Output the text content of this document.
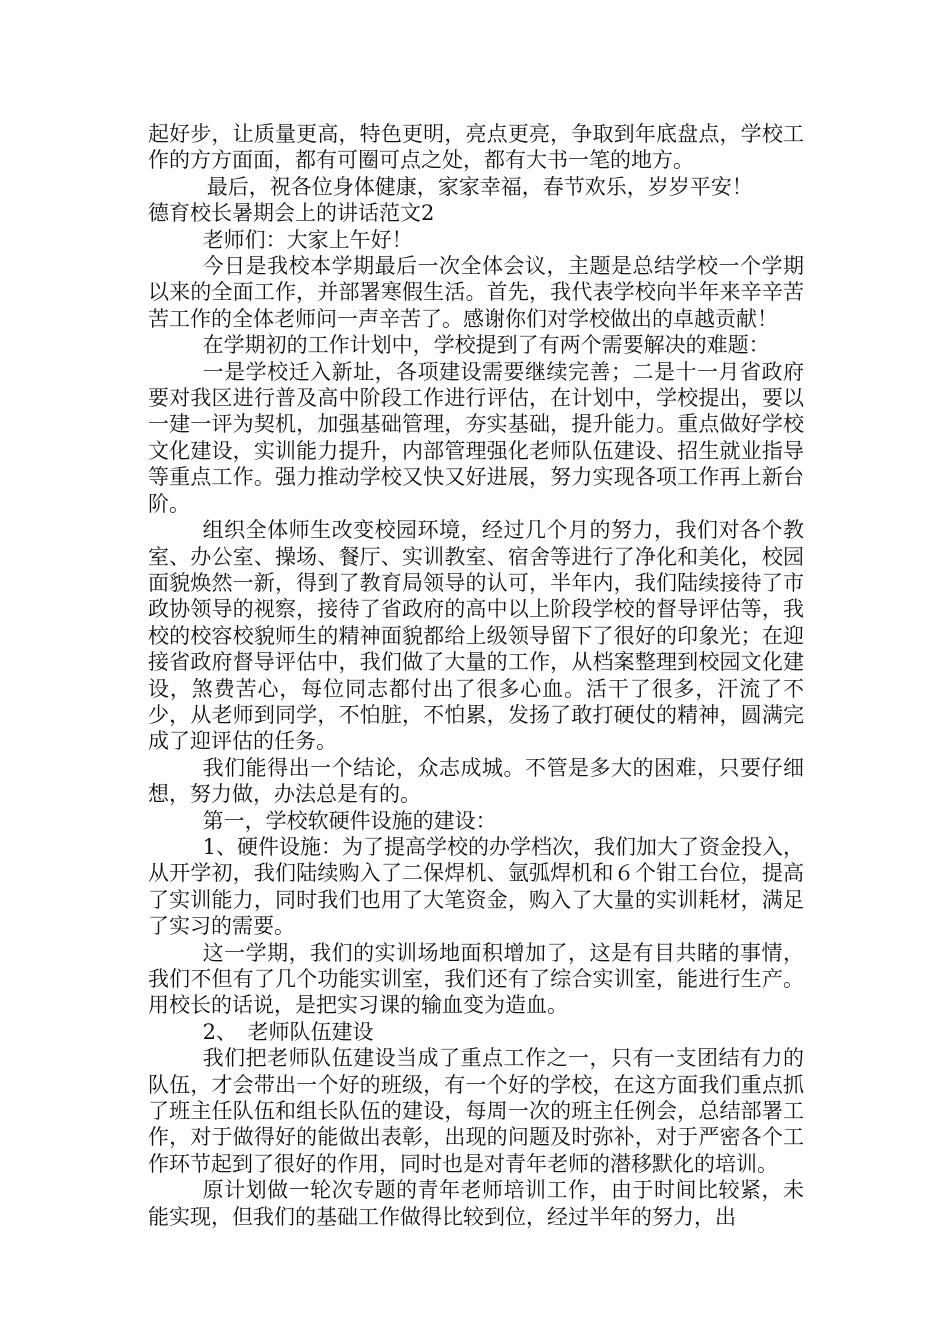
起好步，让质量更高，特色更明，亮点更亮，争取到年底盘点，学校工作的方方面面，都有可圈可点之处，都有大书一笔的地方。

最后，祝各位身体健康，家家幸福，春节欢乐，岁岁平安！

德育校长暑期会上的讲话范文2

老师们：大家上午好！

今日是我校本学期最后一次全体会议，主题是总结学校一个学期以来的全面工作，并部署寒假生活。首先，我代表学校向半年来辛辛苦苦工作的全体老师问一声辛苦了。感谢你们对学校做出的卓越贡献！

在学期初的工作计划中，学校提到了有两个需要解决的难题：

一是学校迁入新址，各项建设需要继续完善；二是十一月省政府要对我区进行普及高中阶段工作进行评估，在计划中，学校提出，要以一建一评为契机，加强基础管理，夯实基础，提升能力。重点做好学校文化建设，实训能力提升，内部管理强化老师队伍建设、招生就业指导等重点工作。强力推动学校又快又好进展，努力实现各项工作再上新台阶。

组织全体师生改变校园环境，经过几个月的努力，我们对各个教室、办公室、操场、餐厅、实训教室、宿舍等进行了净化和美化，校园面貌焕然一新，得到了教育局领导的认可，半年内，我们陆续接待了市政协领导的视察，接待了省政府的高中以上阶段学校的督导评估等，我校的校容校貌师生的精神面貌都给上级领导留下了很好的印象光；在迎接省政府督导评估中，我们做了大量的工作，从档案整理到校园文化建设，煞费苦心，每位同志都付出了很多心血。活干了很多，汗流了不少，从老师到同学，不怕脏，不怕累，发扬了敢打硬仗的精神，圆满完成了迎评估的任务。

我们能得出一个结论，众志成城。不管是多大的困难，只要仔细想，努力做，办法总是有的。

第一，学校软硬件设施的建设：

1、硬件设施：为了提高学校的办学档次，我们加大了资金投入，从开学初，我们陆续购入了二保焊机、氩弧焊机和６个钳工台位，提高了实训能力，同时我们也用了大笔资金，购入了大量的实训耗材，满足了实习的需要。

这一学期，我们的实训场地面积增加了，这是有目共睹的事情，我们不但有了几个功能实训室，我们还有了综合实训室，能进行生产。用校长的话说，是把实习课的输血变为造血。

2、　老师队伍建设

我们把老师队伍建设当成了重点工作之一，只有一支团结有力的队伍，才会带出一个好的班级，有一个好的学校，在这方面我们重点抓了班主任队伍和组长队伍的建设，每周一次的班主任例会，总结部署工作，对于做得好的能做出表彰，出现的问题及时弥补，对于严密各个工作环节起到了很好的作用，同时也是对青年老师的潜移默化的培训。

原计划做一轮次专题的青年老师培训工作，由于时间比较紧，未能实现，但我们的基础工作做得比较到位，经过半年的努力，出
